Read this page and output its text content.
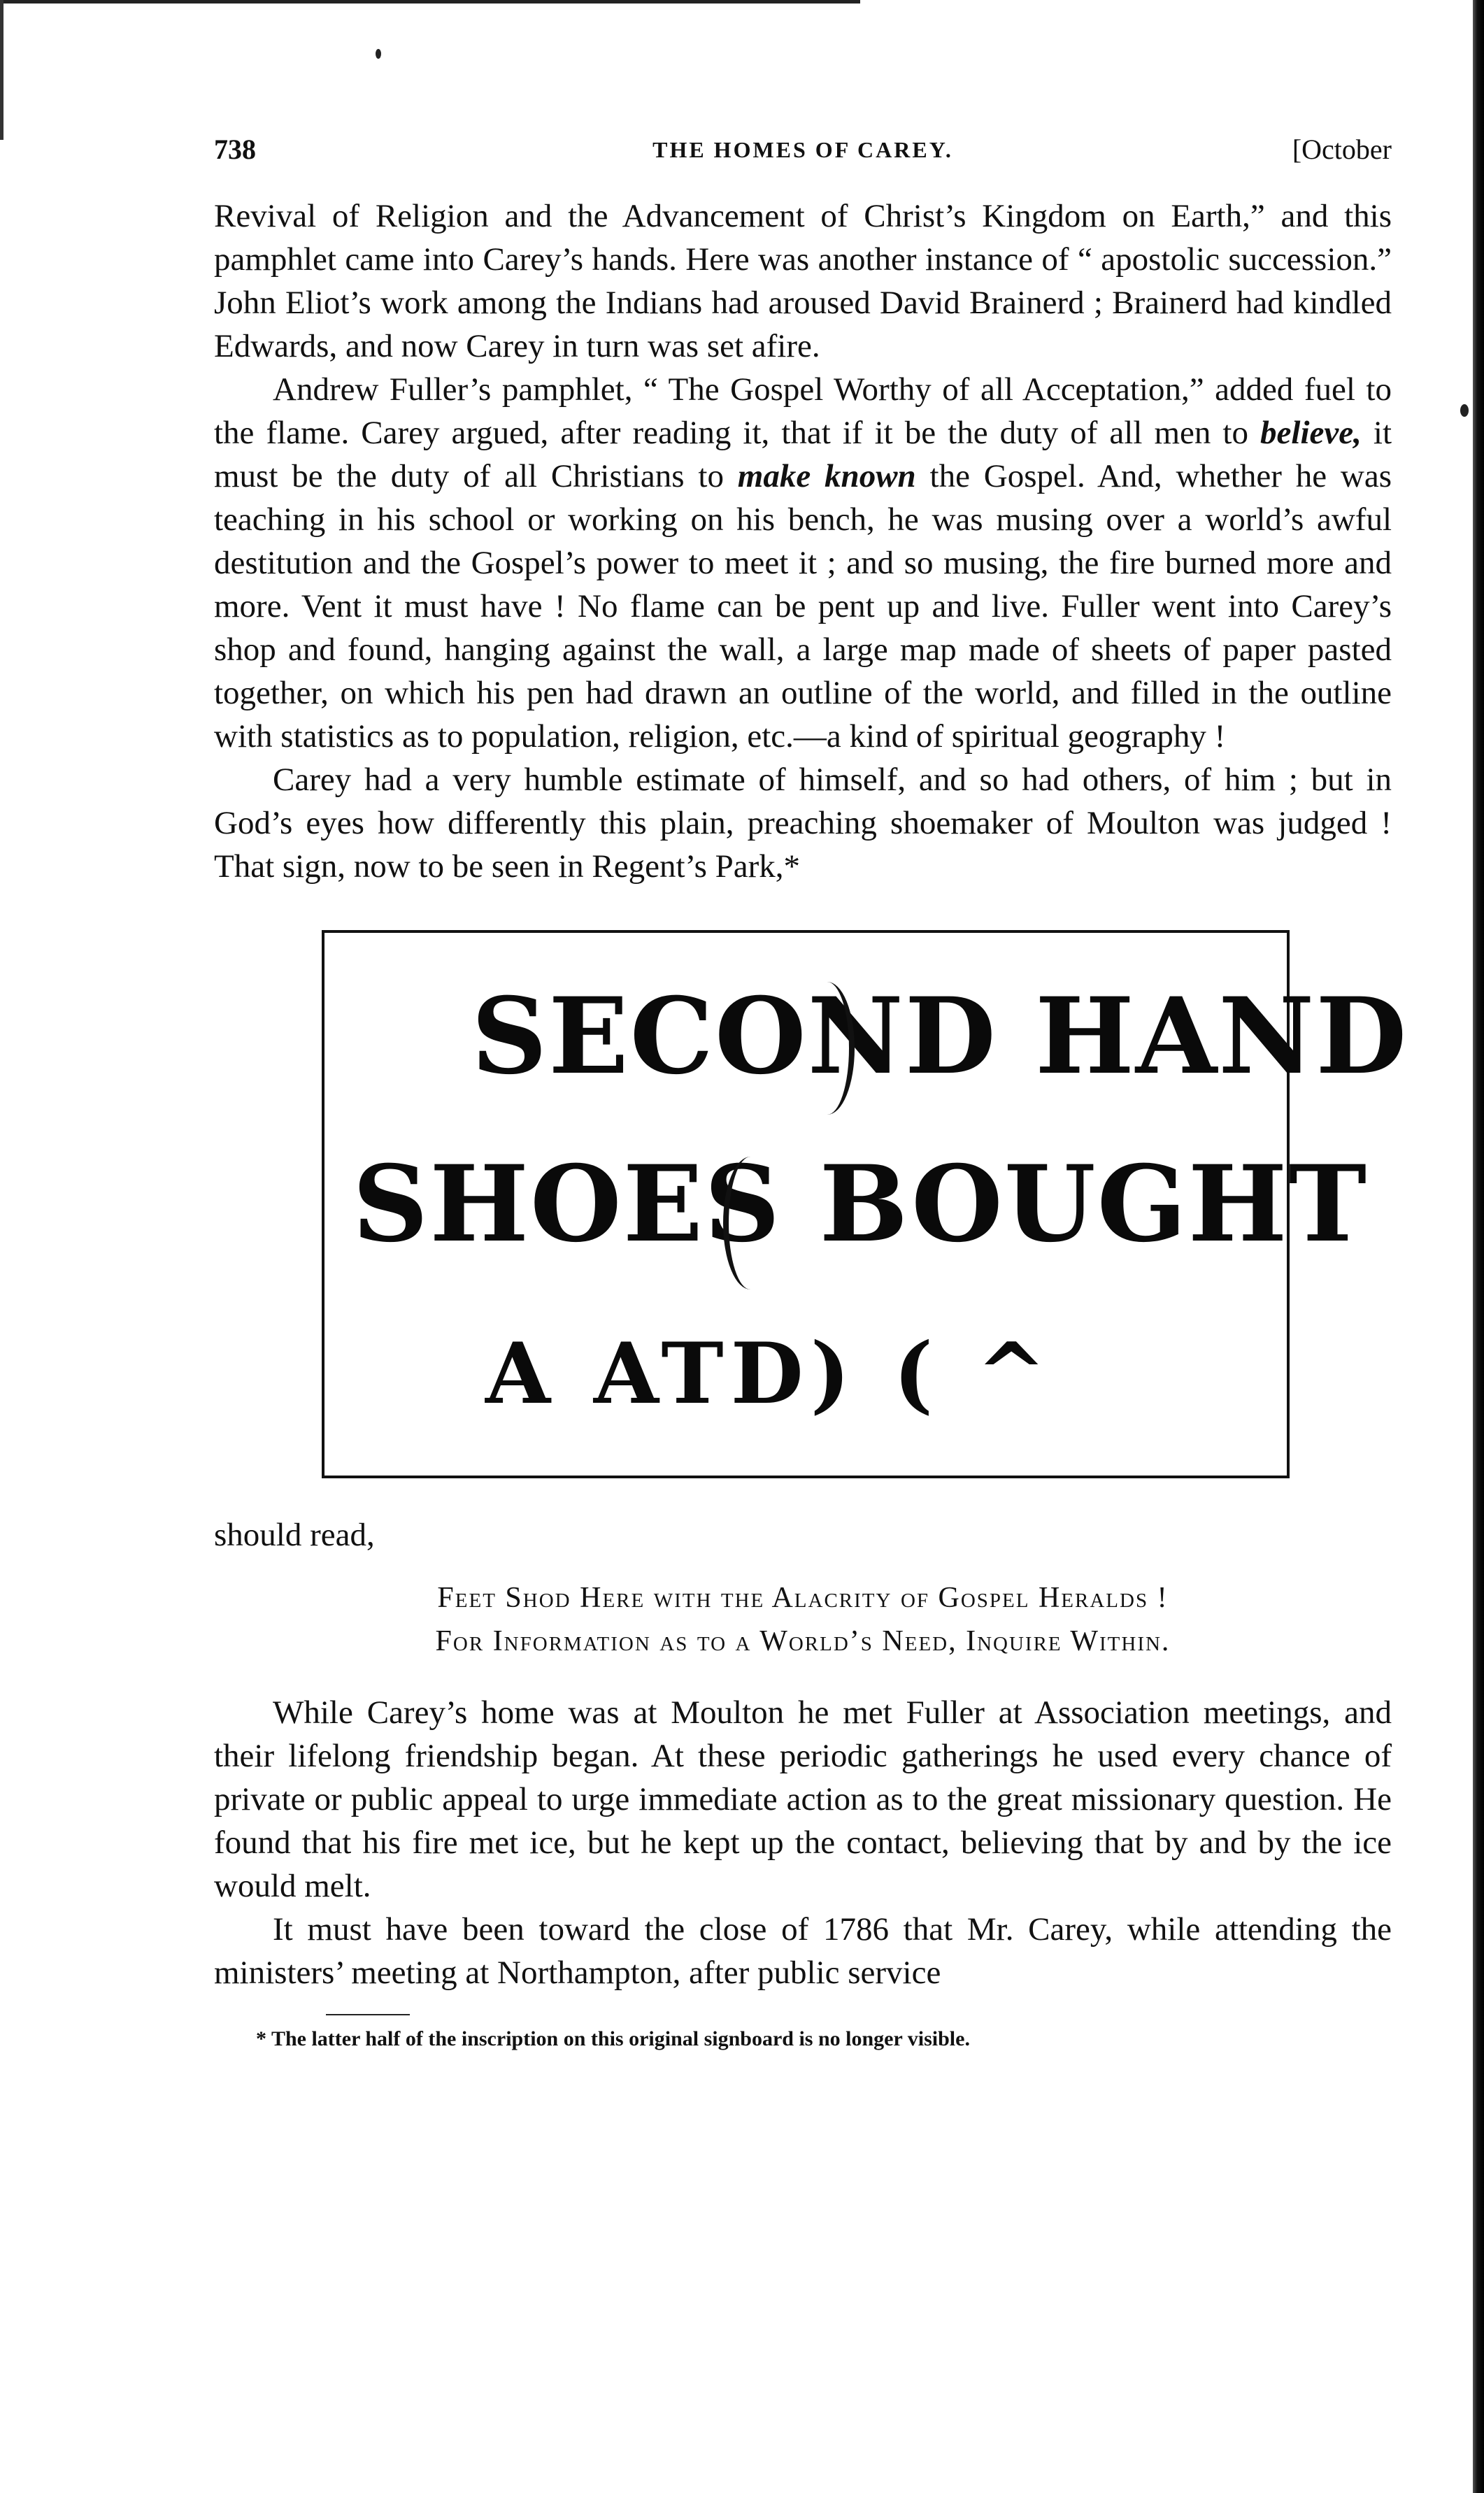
738	THE HOMES OF CAREY.	[October

Revival of Religion and the Advancement of Christ’s Kingdom on Earth,” and this pamphlet came into Carey’s hands. Here was another instance of “ apostolic succession.” John Eliot’s work among the Indians had aroused David Brainerd ; Brainerd had kindled Edwards, and now Carey in turn was set afire.

Andrew Fuller’s pamphlet, “ The Gospel Worthy of all Acceptation,” added fuel to the flame. Carey argued, after reading it, that if it be the duty of all men to believe, it must be the duty of all Christians to make known the Gospel. And, whether he was teaching in his school or working on his bench, he was musing over a world’s awful destitution and the Gospel’s power to meet it ; and so musing, the fire burned more and more. Vent it must have ! No flame can be pent up and live. Fuller went into Carey’s shop and found, hanging against the wall, a large map made of sheets of paper pasted together, on which his pen had drawn an outline of the world, and filled in the outline with statistics as to population, religion, etc.—a kind of spiritual geography !

Carey had a very humble estimate of himself, and so had others, of him ; but in God’s eyes how differently this plain, preaching shoemaker of Moulton was judged ! That sign, now to be seen in Regent’s Park,*

SECOND HAND
SHOES BOUGHT
A ATD) ( ^

should read,

Feet Shod Here with the Alacrity of Gospel Heralds !
For Information as to a World’s Need, Inquire Within.

While Carey’s home was at Moulton he met Fuller at Association meetings, and their lifelong friendship began. At these periodic gatherings he used every chance of private or public appeal to urge immediate action as to the great missionary question. He found that his fire met ice, but he kept up the contact, believing that by and by the ice would melt.

It must have been toward the close of 1786 that Mr. Carey, while attending the ministers’ meeting at Northampton, after public service

* The latter half of the inscription on this original signboard is no longer visible.
